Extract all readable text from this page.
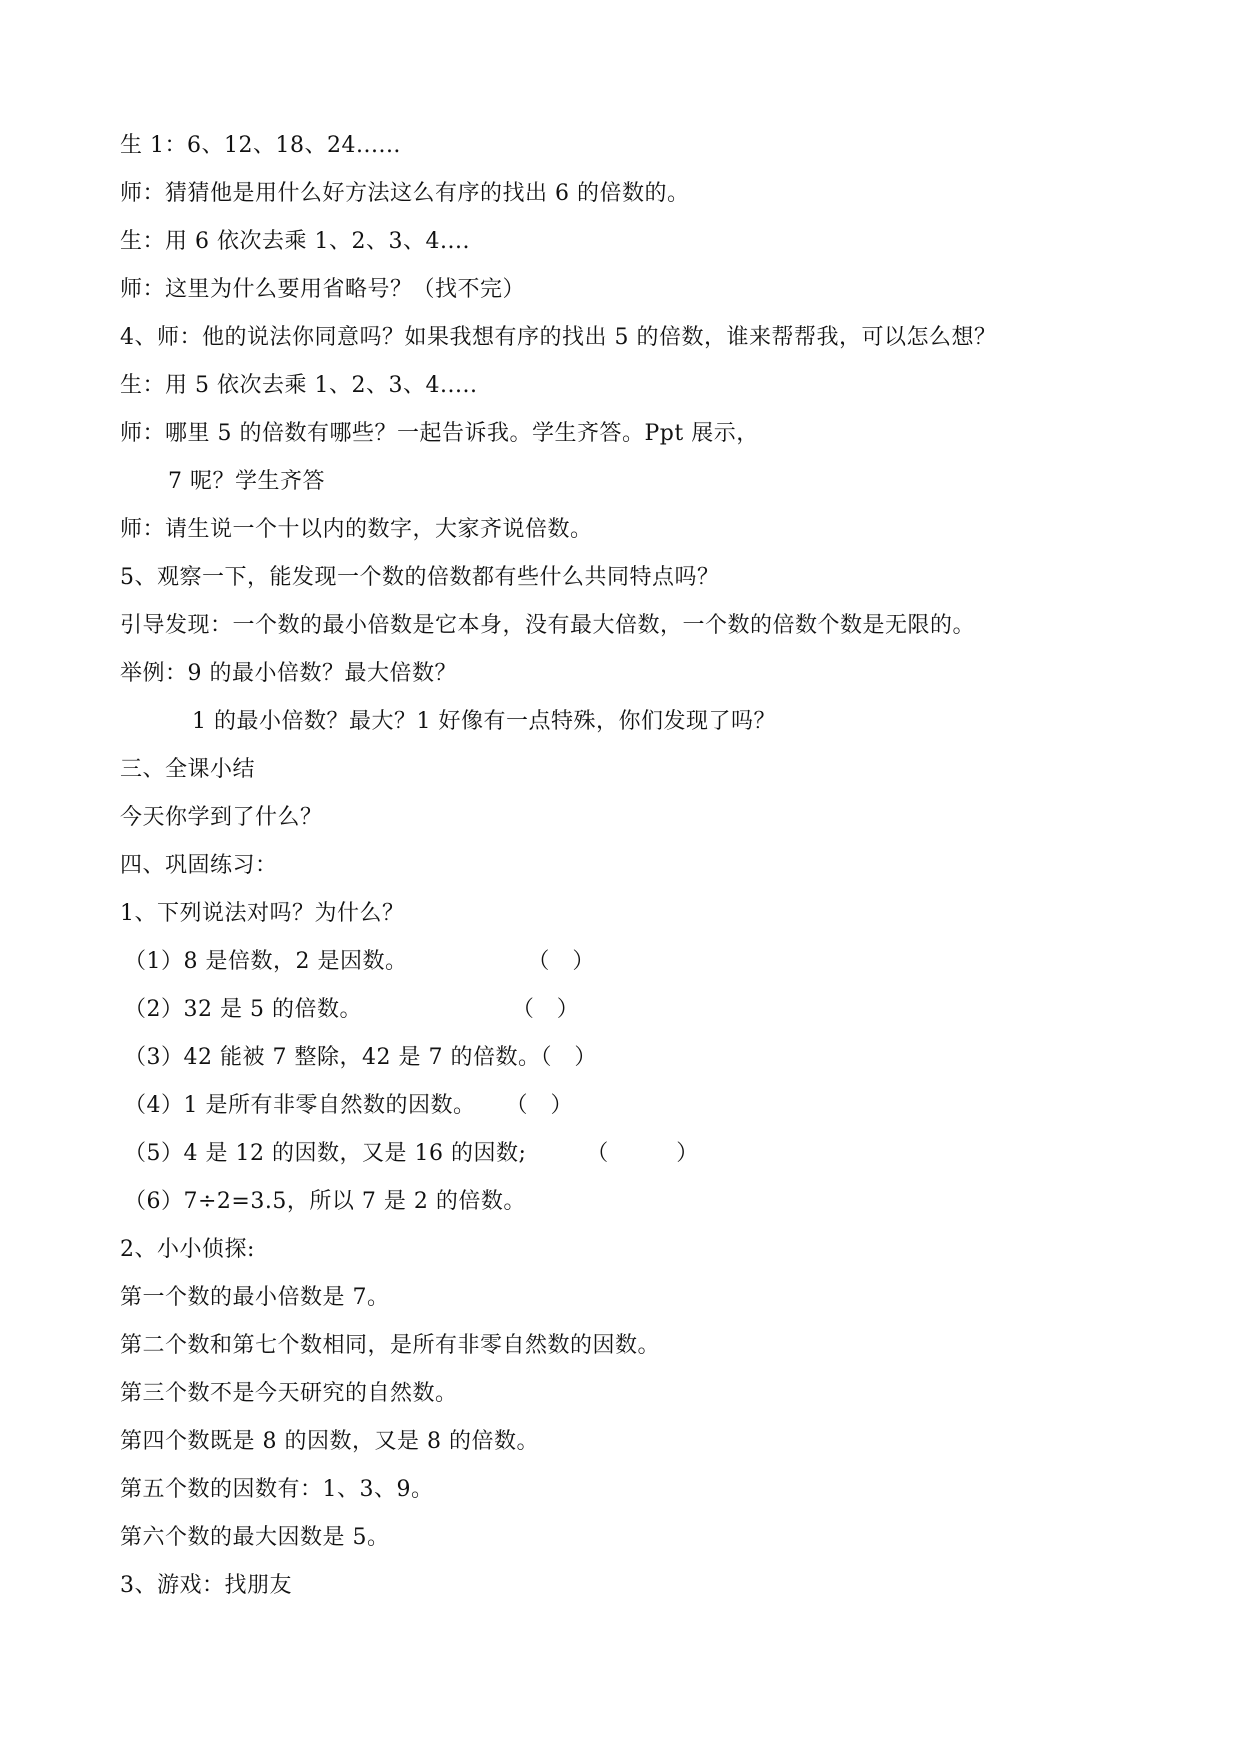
生 1：6、12、18、24......
师：猜猜他是用什么好方法这么有序的找出 6 的倍数的。
生：用 6 依次去乘 1、2、3、4....
师：这里为什么要用省略号？（找不完）
4、师：他的说法你同意吗？如果我想有序的找出 5 的倍数，谁来帮帮我，可以怎么想？
生：用 5 依次去乘 1、2、3、4.....
师：哪里 5 的倍数有哪些？一起告诉我。学生齐答。Ppt 展示，
7 呢？学生齐答
师：请生说一个十以内的数字，大家齐说倍数。
5、观察一下，能发现一个数的倍数都有些什么共同特点吗？
引导发现：一个数的最小倍数是它本身，没有最大倍数，一个数的倍数个数是无限的。
举例：9 的最小倍数？最大倍数？
1 的最小倍数？最大？1 好像有一点特殊，你们发现了吗？
三、全课小结
今天你学到了什么？
四、巩固练习：
1、下列说法对吗？为什么？
（1）8 是倍数，2 是因数。                （   ）
（2）32 是 5 的倍数。                    （   ）
（3）42 能被 7 整除，42 是 7 的倍数。（   ）
（4）1 是所有非零自然数的因数。    （   ）
（5）4 是 12 的因数，又是 16 的因数;        （         ）
（6）7÷2=3.5，所以 7 是 2 的倍数。
2、小小侦探:
第一个数的最小倍数是 7。
第二个数和第七个数相同，是所有非零自然数的因数。
第三个数不是今天研究的自然数。
第四个数既是 8 的因数，又是 8 的倍数。
第五个数的因数有：1、3、9。
第六个数的最大因数是 5。
3、游戏：找朋友
